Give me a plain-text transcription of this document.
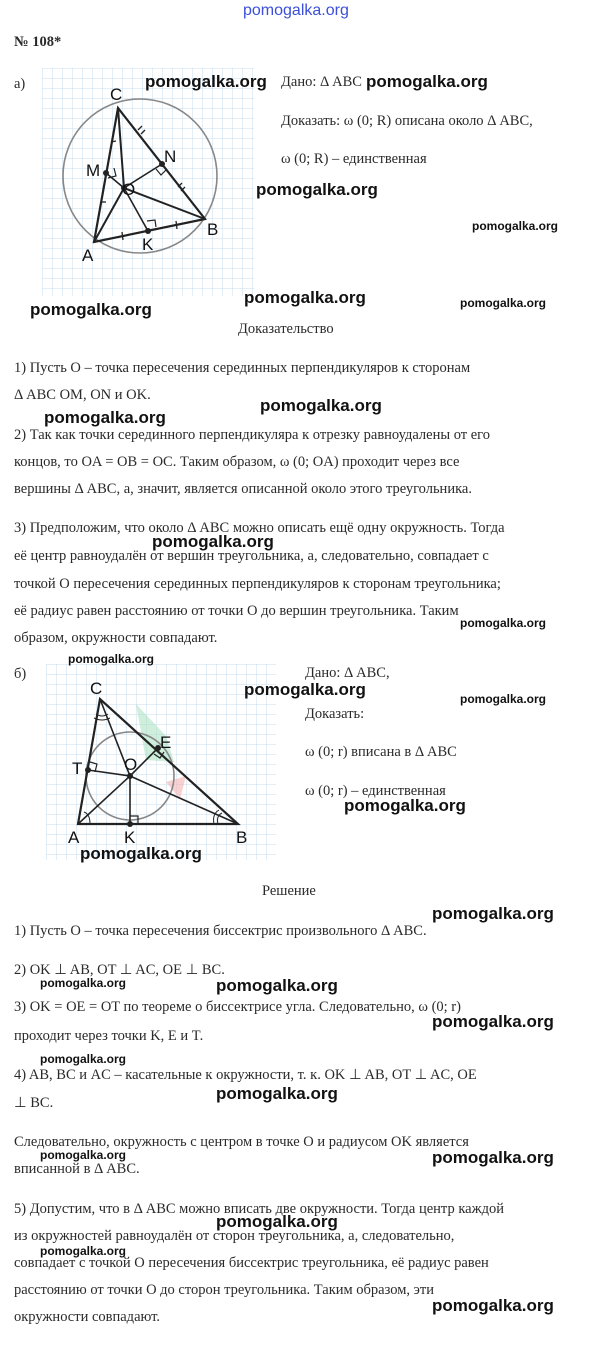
pomogalka.org
№ 108*
а)
C
M
N
O
A
K
B
Дано: Δ ABC
Доказать: ω (0; R) описана около Δ ABC,
ω (0; R) – единственная
Доказательство
1) Пусть O – точка пересечения серединных перпендикуляров к сторонам
Δ ABC OM, ON и OK.
2) Так как точки серединного перпендикуляра к отрезку равноудалены от его
концов, то OA = OB = OC. Таким образом, ω (0; OA) проходит через все
вершины Δ ABC, а, значит, является описанной около этого треугольника.
3) Предположим, что около Δ ABC можно описать ещё одну окружность. Тогда
её центр равноудалён от вершин треугольника, а, следовательно, совпадает с
точкой O пересечения серединных перпендикуляров к сторонам треугольника;
её радиус равен расстоянию от точки O до вершин треугольника. Таким
образом, окружности совпадают.
б)
C
E
T O
A	K	B
Дано: Δ ABC,
Доказать:
ω (0; r) вписана в Δ ABC
ω (0; r) – единственная
Решение
1) Пусть O – точка пересечения биссектрис произвольного Δ ABC.
2) OK ⊥ AB, OT ⊥ AC, OE ⊥ BC.
3) OK = OE = OT по теореме о биссектрисе угла. Следовательно, ω (0; r)
проходит через точки K, E и T.
4) AB, BC и AC – касательные к окружности, т. к. OK ⊥ AB, OT ⊥ AC, OE
⊥ BC.
Следовательно, окружность с центром в точке O и радиусом OK является
вписанной в Δ ABC.
5) Допустим, что в Δ ABC можно вписать две окружности. Тогда центр каждой
из окружностей равноудалён от сторон треугольника, а, следовательно,
совпадает с точкой O пересечения биссектрис треугольника, её радиус равен
расстоянию от точки O до сторон треугольника. Таким образом, эти
окружности совпадают.
pomogalka.org	pomogalka.org
pomogalka.org
pomogalka.org
pomogalka.org
pomogalka.org	pomogalka.org
pomogalka.org
pomogalka.org
pomogalka.org
pomogalka.org
pomogalka.org
pomogalka.org	pomogalka.org
pomogalka.org
pomogalka.org
pomogalka.org
pomogalka.org
pomogalka.org
pomogalka.org
pomogalka.org
pomogalka.org
pomogalka.org	pomogalka.org
pomogalka.org
pomogalka.org
pomogalka.org
